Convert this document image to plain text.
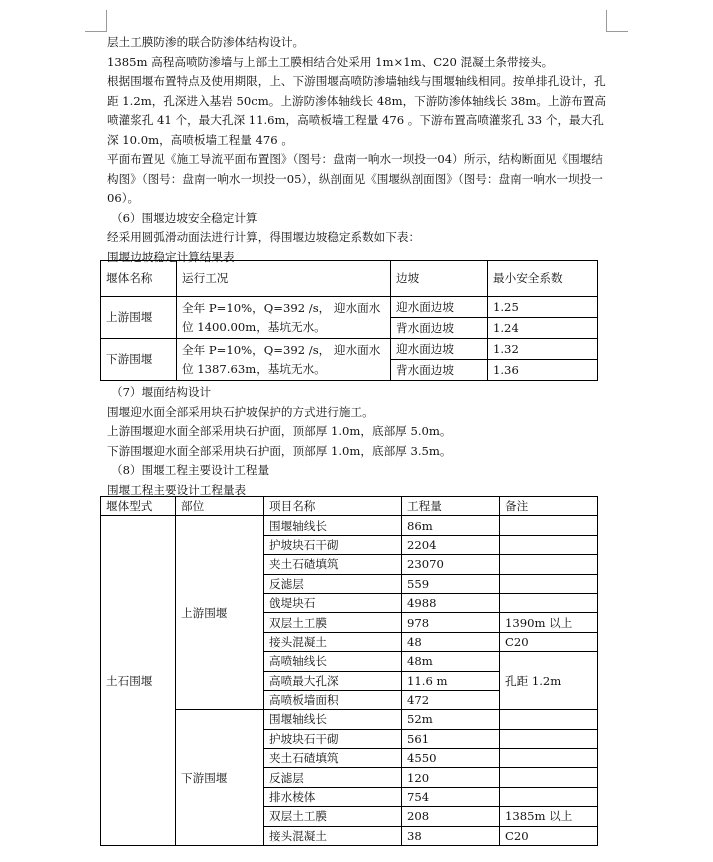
层土工膜防渗的联合防渗体结构设计。

1385m 高程高喷防渗墙与上部土工膜相结合处采用 1m×1m、C20 混凝土条带接头。

根据围堰布置特点及使用期限，上、下游围堰高喷防渗墙轴线与围堰轴线相同。按单排孔设计，孔距 1.2m，孔深进入基岩 50cm。上游防渗体轴线长 48m，下游防渗体轴线长 38m。上游布置高喷灌浆孔 41 个，最大孔深 11.6m，高喷板墙工程量 476 。下游布置高喷灌浆孔 33 个，最大孔深 10.0m，高喷板墙工程量 476 。

平面布置见《施工导流平面布置图》（图号：盘南一响水一坝投一04）所示，结构断面见《围堰结构图》（图号：盘南一响水一坝投一05），纵剖面见《围堰纵剖面图》（图号：盘南一响水一坝投一06）。

（6）围堰边坡安全稳定计算

经采用圆弧滑动面法进行计算，得围堰边坡稳定系数如下表：

围堰边坡稳定计算结果表

堰体名称	运行工况	边坡	最小安全系数
上游围堰	全年 P=10%，Q=392 /s， 迎水面水位 1400.00m，基坑无水。	迎水面边坡	1.25
		背水面边坡	1.24
下游围堰	全年 P=10%，Q=392 /s， 迎水面水位 1387.63m，基坑无水。	迎水面边坡	1.32
		背水面边坡	1.36

（7）堰面结构设计

围堰迎水面全部采用块石护坡保护的方式进行施工。

上游围堰迎水面全部采用块石护面，顶部厚 1.0m，底部厚 5.0m。

下游围堰迎水面全部采用块石护面，顶部厚 1.0m，底部厚 3.5m。

（8）围堰工程主要设计工程量

围堰工程主要设计工程量表

堰体型式	部位	项目名称	工程量	备注
土石围堰	上游围堰	围堰轴线长	86m	
		护坡块石干砌	2204	
		夹土石碴填筑	23070	
		反滤层	559	
		戗堤块石	4988	
		双层土工膜	978	1390m 以上
		接头混凝土	48	C20
		高喷轴线长	48m	孔距 1.2m
		高喷最大孔深	11.6 m	
		高喷板墙面积	472	
	下游围堰	围堰轴线长	52m	
		护坡块石干砌	561	
		夹土石碴填筑	4550	
		反滤层	120	
		排水棱体	754	
		双层土工膜	208	1385m 以上
		接头混凝土	38	C20
